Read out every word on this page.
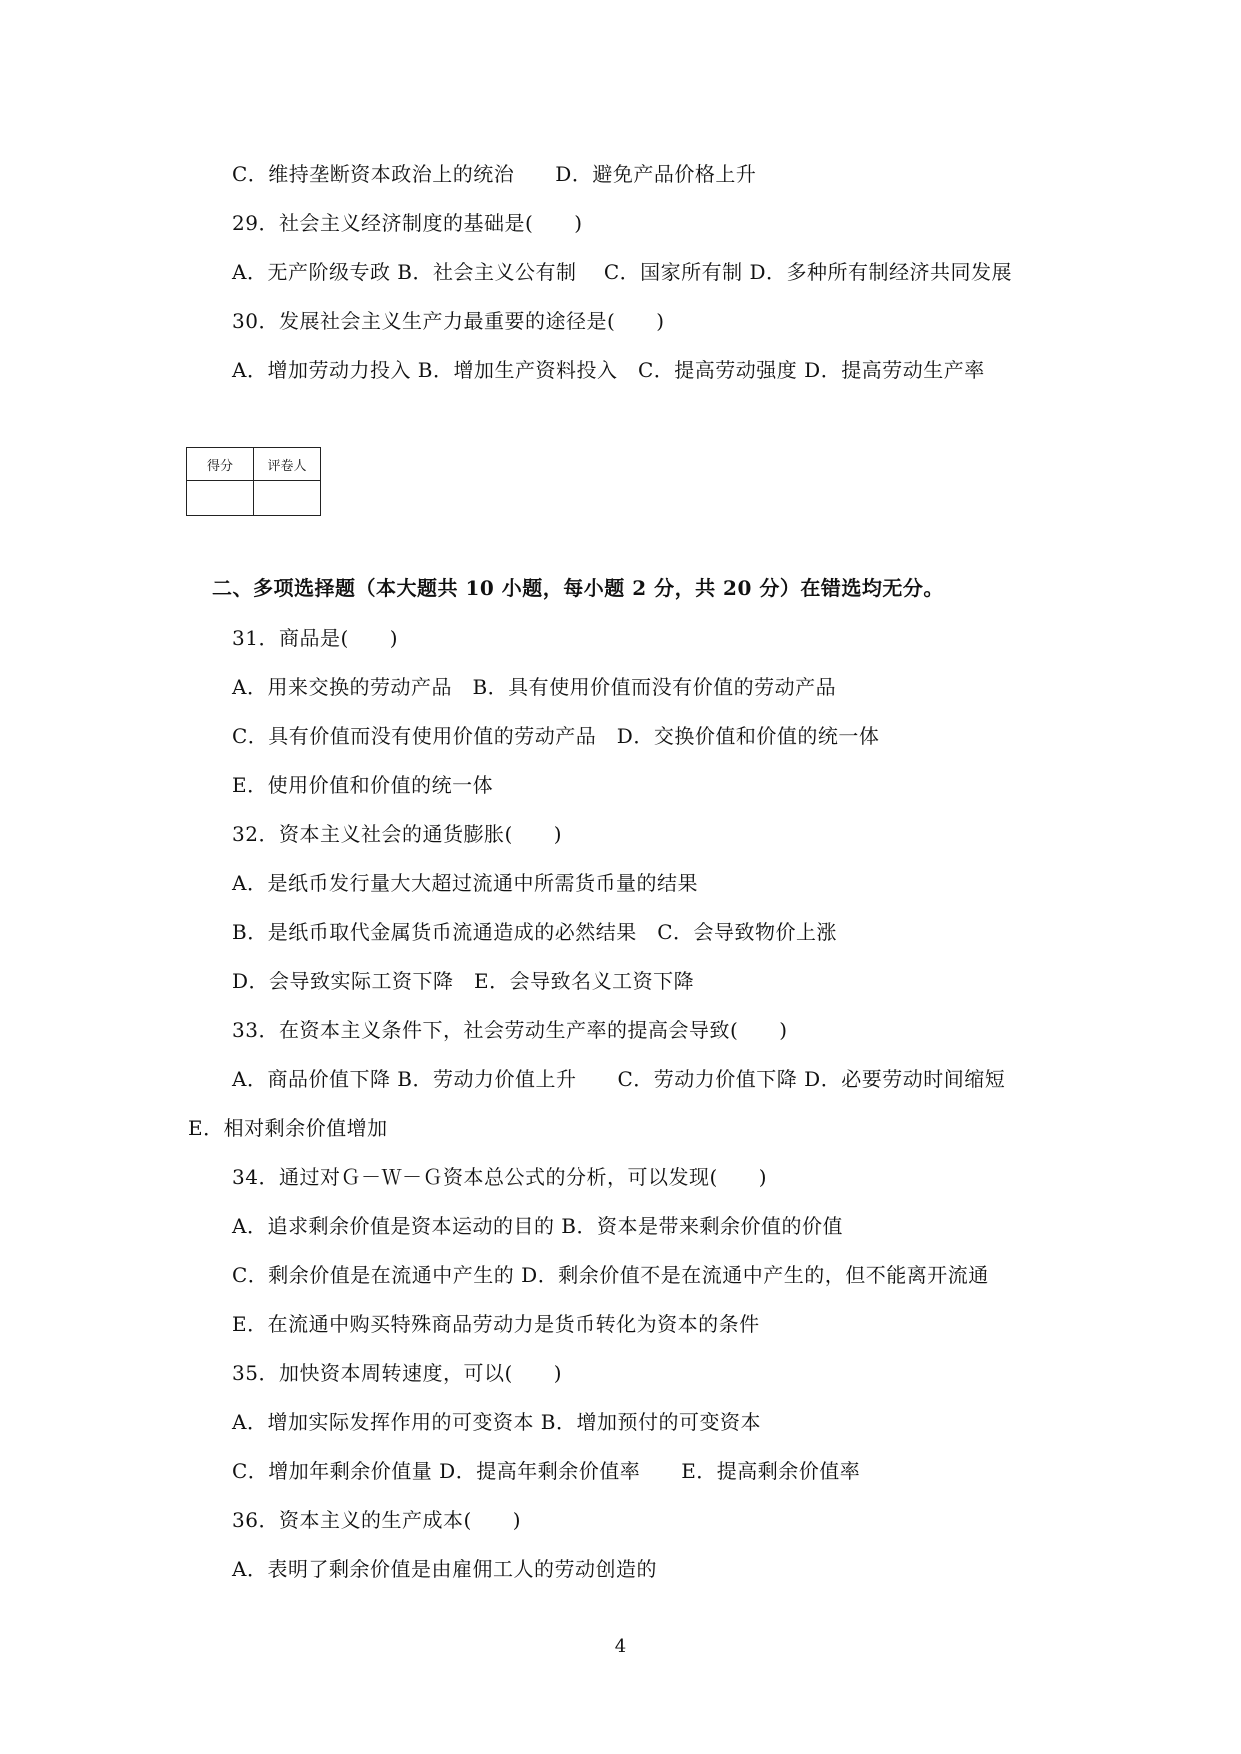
C．维持垄断资本政治上的统治　　D．避免产品价格上升
29．社会主义经济制度的基础是(　　)
A．无产阶级专政 B．社会主义公有制　 C．国家所有制 D．多种所有制经济共同发展
30．发展社会主义生产力最重要的途径是(　　)
A．增加劳动力投入 B．增加生产资料投入　C．提高劳动强度 D．提高劳动生产率
得分	评卷人

二、多项选择题（本大题共 10 小题，每小题 2 分，共 20 分）在错选均无分。
31．商品是(　　)
A．用来交换的劳动产品　B．具有使用价值而没有价值的劳动产品
C．具有价值而没有使用价值的劳动产品　D．交换价值和价值的统一体
E．使用价值和价值的统一体
32．资本主义社会的通货膨胀(　　)
A．是纸币发行量大大超过流通中所需货币量的结果
B．是纸币取代金属货币流通造成的必然结果　C．会导致物价上涨
D．会导致实际工资下降　E．会导致名义工资下降
33．在资本主义条件下，社会劳动生产率的提高会导致(　　)
A．商品价值下降 B．劳动力价值上升　　C．劳动力价值下降 D．必要劳动时间缩短
E．相对剩余价值增加
34．通过对Ｇ－Ｗ－Ｇ资本总公式的分析，可以发现(　　)
A．追求剩余价值是资本运动的目的 B．资本是带来剩余价值的价值
C．剩余价值是在流通中产生的 D．剩余价值不是在流通中产生的，但不能离开流通
E．在流通中购买特殊商品劳动力是货币转化为资本的条件
35．加快资本周转速度，可以(　　)
A．增加实际发挥作用的可变资本 B．增加预付的可变资本
C．增加年剩余价值量 D．提高年剩余价值率　　E．提高剩余价值率
36．资本主义的生产成本(　　)
A．表明了剩余价值是由雇佣工人的劳动创造的
4
